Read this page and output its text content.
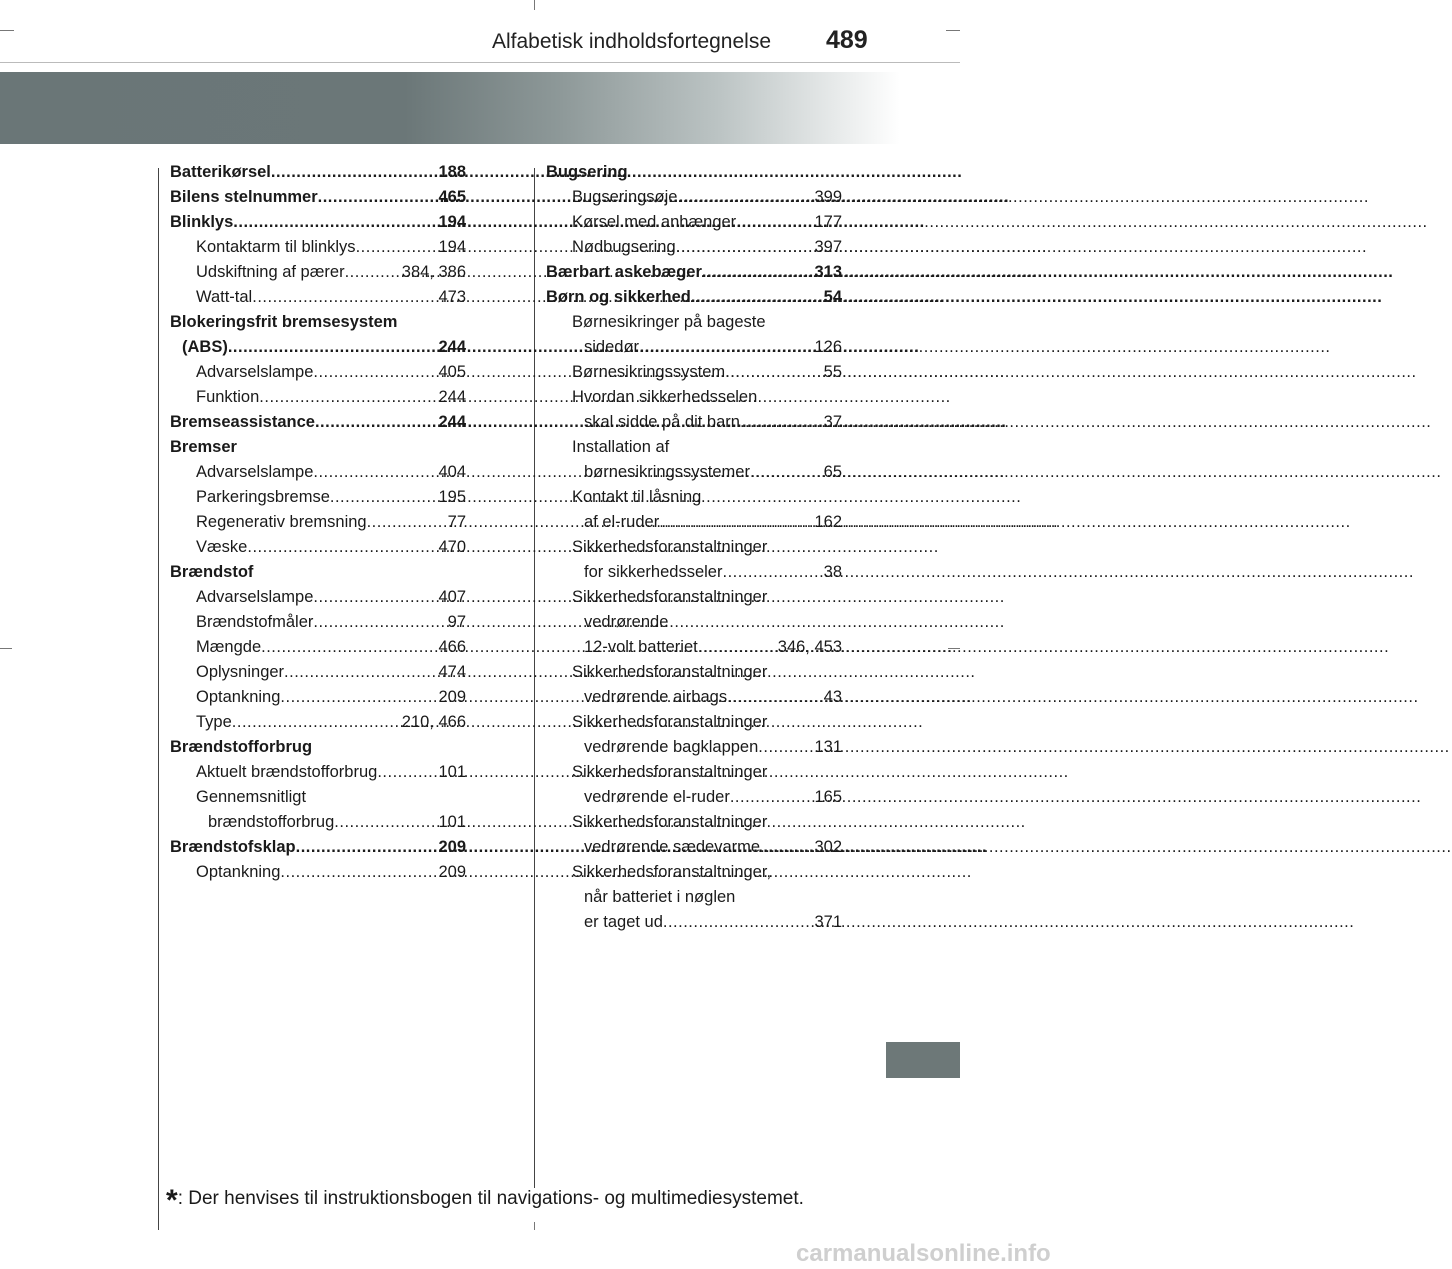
Alfabetisk indholdsfortegnelse 489
Batterikørsel .....	188
Bilens stelnummer .....	465
Blinklys .....	194
Kontaktarm til blinklys .....	194
Udskiftning af pærer .....	384, 386
Watt-tal .....	473
Blokeringsfrit bremsesystem
(ABS) .....	244
Advarselslampe .....	405
Funktion .....	244
Bremseassistance .....	244
Bremser
Advarselslampe .....	404
Parkeringsbremse .....	195
Regenerativ bremsning .....	77
Væske .....	470
Brændstof
Advarselslampe .....	407
Brændstofmåler .....	97
Mængde .....	466
Oplysninger .....	474
Optankning .....	209
Type .....	210, 466
Brændstofforbrug
Aktuelt brændstofforbrug .....	101
Gennemsnitligt
brændstofforbrug .....	101
Brændstofsklap .....	209
Optankning .....	209
Bugsering
Bugseringsøje .....	399
Kørsel med anhænger .....	177
Nødbugsering .....	397
Bærbart askebæger .....	313
Børn og sikkerhed .....	54
Børnesikringer på bageste
sidedør .....	126
Børnesikringssystem .....	55
Hvordan sikkerhedsselen
skal sidde på dit barn .....	37
Installation af
børnesikringssystemer .....	65
Kontakt til låsning
af el-ruder .....	162
Sikkerhedsforanstaltninger
for sikkerhedsseler .....	38
Sikkerhedsforanstaltninger
vedrørende
12-volt batteriet .....	346, 453
Sikkerhedsforanstaltninger
vedrørende airbags .....	43
Sikkerhedsforanstaltninger
vedrørende bagklappen .....	131
Sikkerhedsforanstaltninger
vedrørende el-ruder .....	165
Sikkerhedsforanstaltninger
vedrørende sædevarme .....	302
Sikkerhedsforanstaltninger,
når batteriet i nøglen
er taget ud .....	371
*: Der henvises til instruktionsbogen til navigations- og multimediesystemet.
carmanualsonline.info
